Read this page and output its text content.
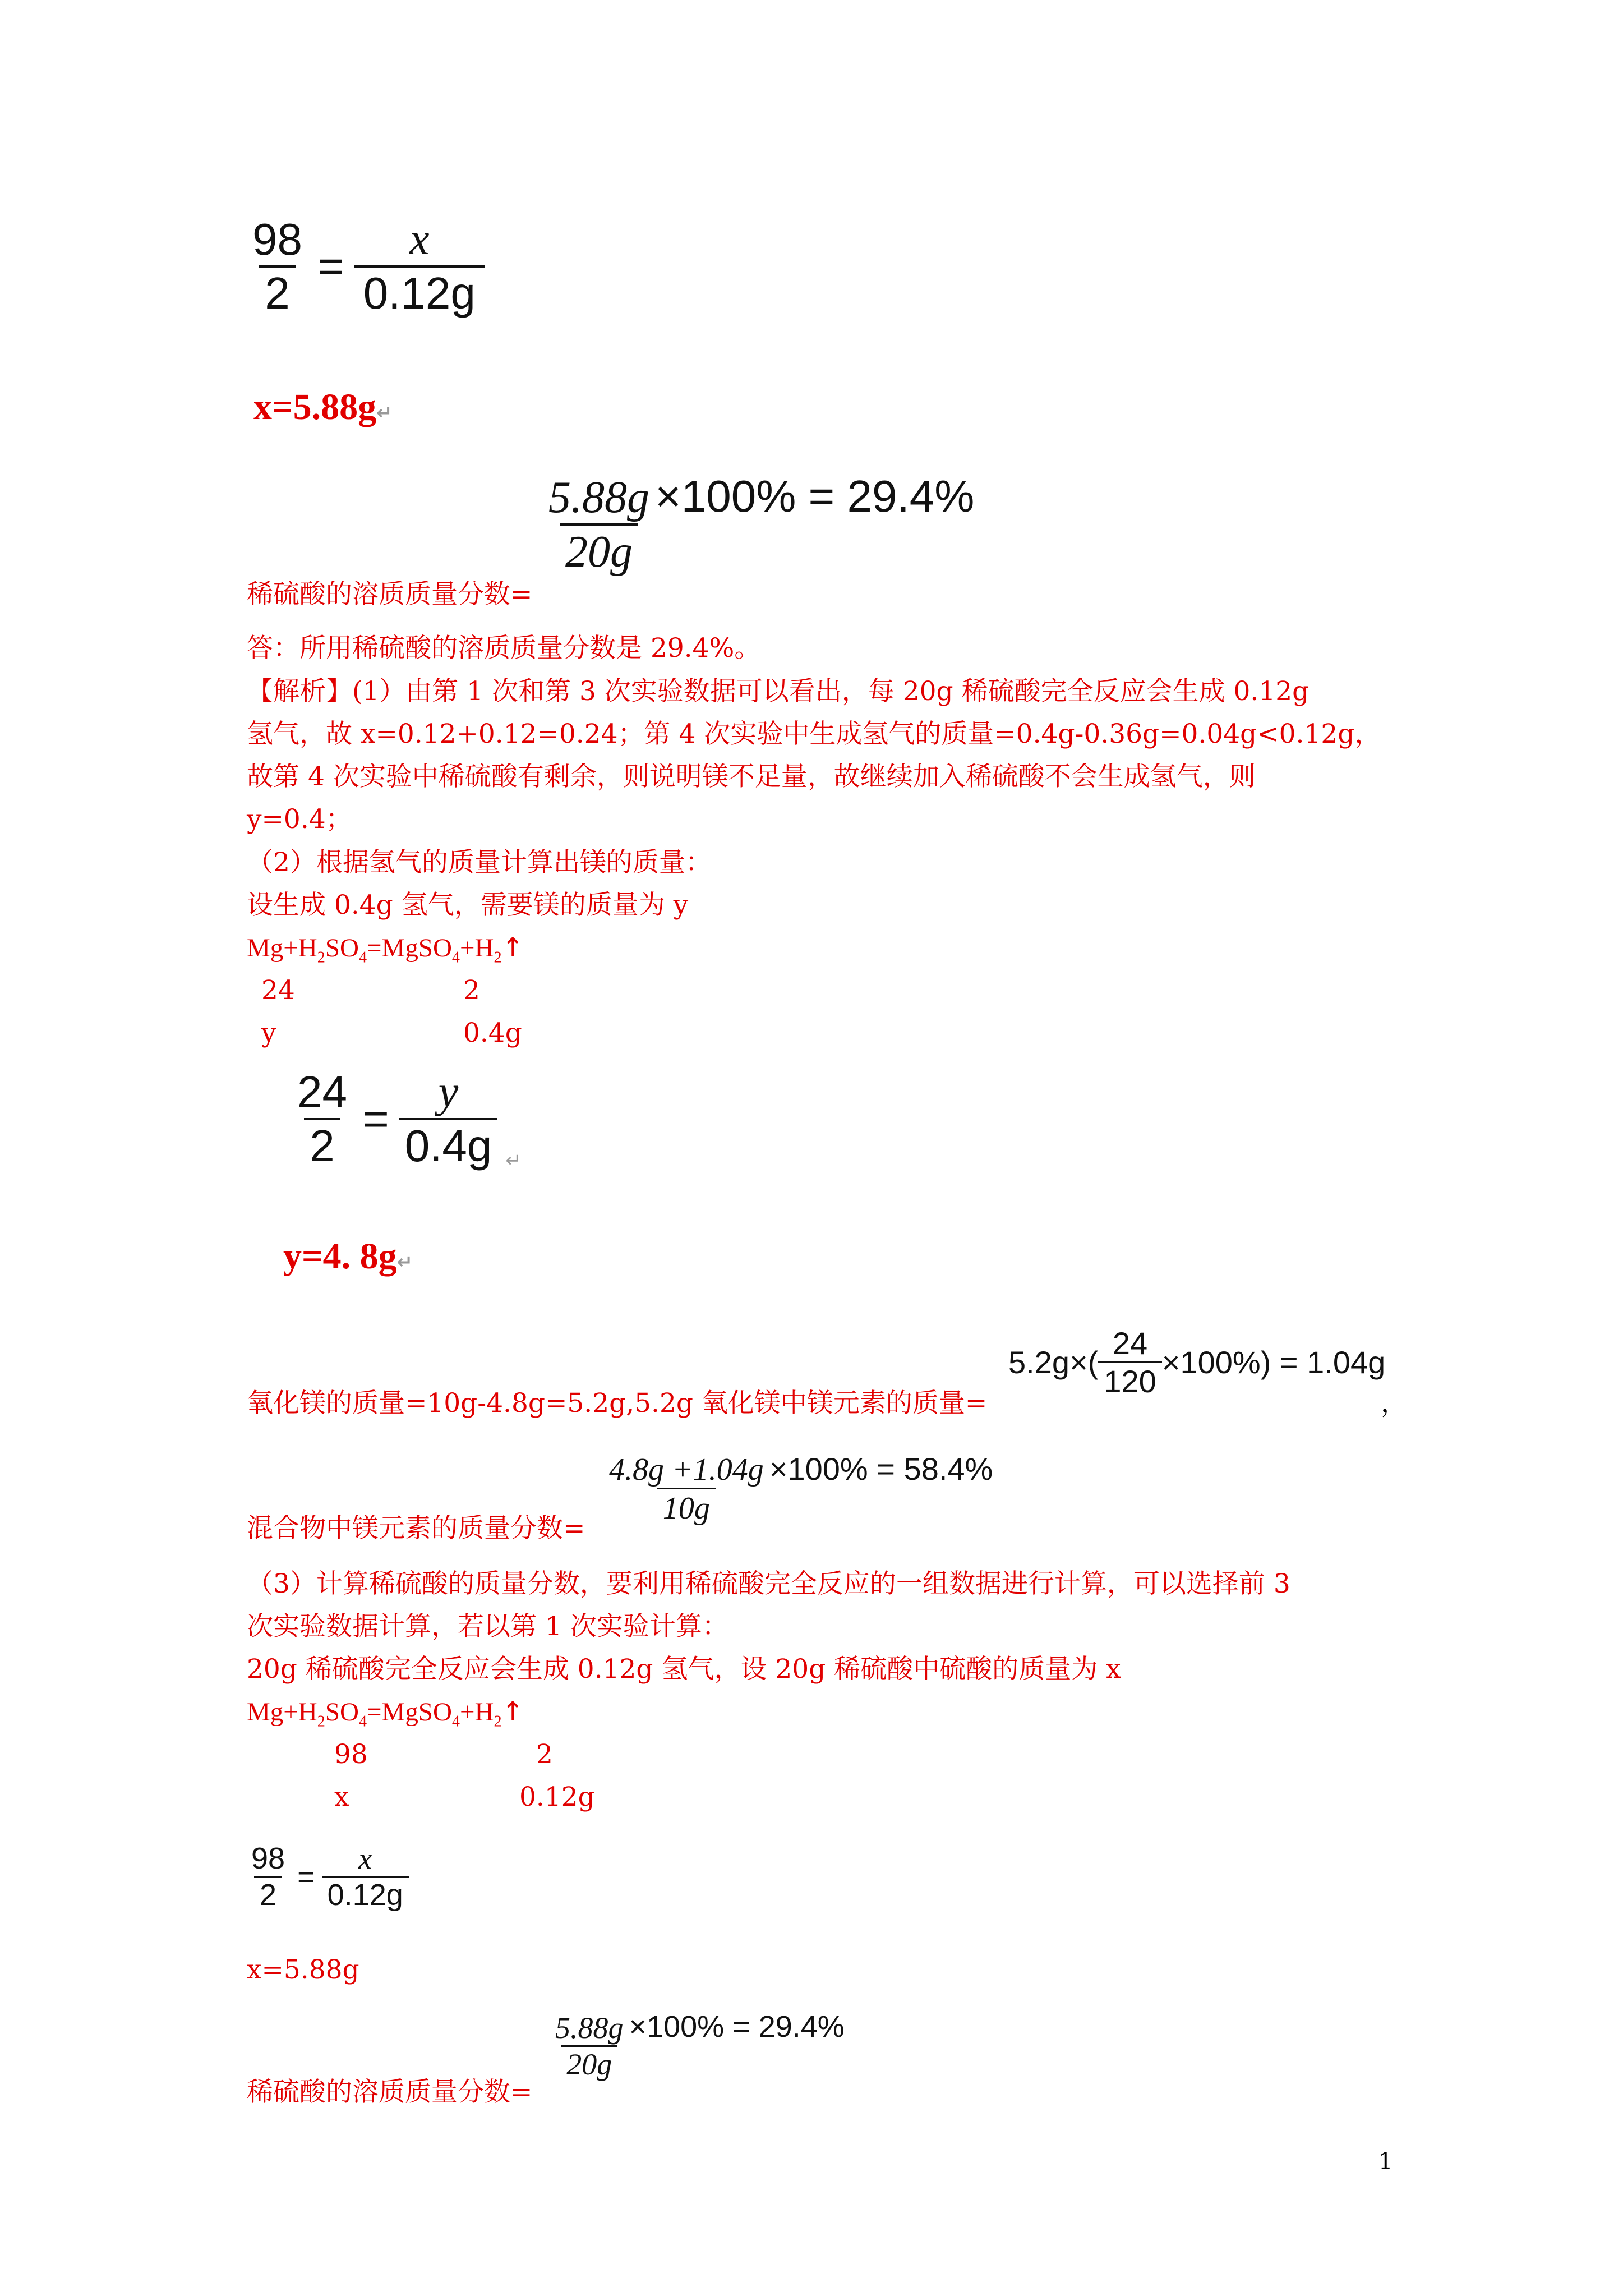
$\frac{98}{2} = \frac{x}{0.12g}$
x=5.88g↵
$\frac{5.88g}{20g} \times 100\% = 29.4\%$
稀硫酸的溶质质量分数=
答：所用稀硫酸的溶质质量分数是 29.4%。
【解析】(1）由第 1 次和第 3 次实验数据可以看出，每 20g 稀硫酸完全反应会生成 0.12g
氢气，故 x=0.12+0.12=0.24；第 4 次实验中生成氢气的质量=0.4g-0.36g=0.04g<0.12g，
故第 4 次实验中稀硫酸有剩余，则说明镁不足量，故继续加入稀硫酸不会生成氢气，则
y=0.4；
（2）根据氢气的质量计算出镁的质量：
设生成 0.4g 氢气，需要镁的质量为 y
$Mg+H_2SO_4=MgSO_4+H_2↑$
24	2
y	0.4g
$\frac{24}{2} = \frac{y}{0.4g}$ ↵
y=4. 8g↵
$5.2g\times( \frac{24}{120} \times 100\%) = 1.04g$
氧化镁的质量=10g-4.8g=5.2g,5.2g 氧化镁中镁元素的质量=	，
$\frac{4.8g +1.04g}{10g} \times 100\% = 58.4\%$
混合物中镁元素的质量分数=
（3）计算稀硫酸的质量分数，要利用稀硫酸完全反应的一组数据进行计算，可以选择前 3
次实验数据计算，若以第 1 次实验计算：
20g 稀硫酸完全反应会生成 0.12g 氢气，设 20g 稀硫酸中硫酸的质量为 x
$Mg+H_2SO_4=MgSO_4+H_2↑$
98	2
x	0.12g
$\frac{98}{2} = \frac{x}{0.12g}$
x=5.88g
$\frac{5.88g}{20g} \times 100\% = 29.4\%$
稀硫酸的溶质质量分数=
1
